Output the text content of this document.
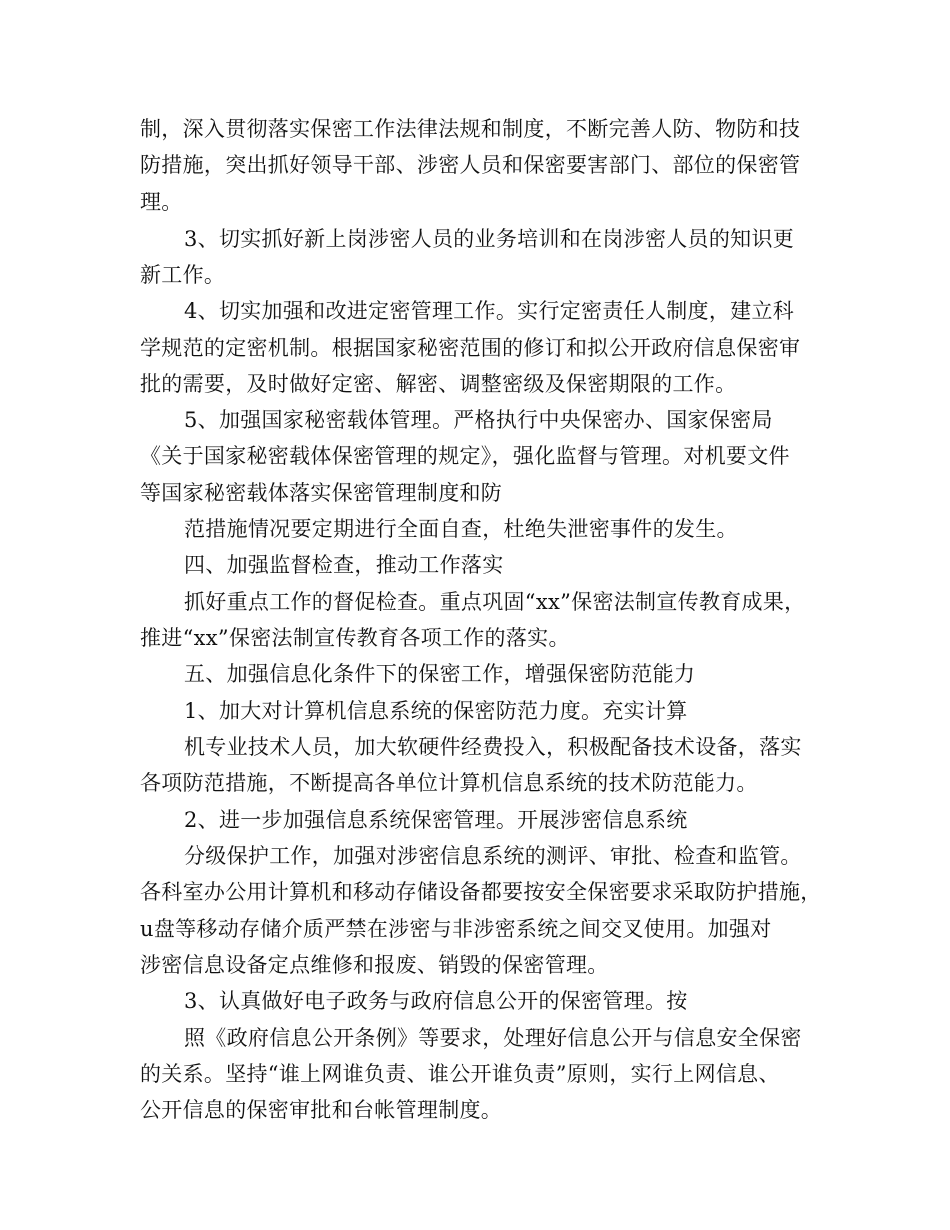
制，深入贯彻落实保密工作法律法规和制度，不断完善人防、物防和技
防措施，突出抓好领导干部、涉密人员和保密要害部门、部位的保密管
理。
3、切实抓好新上岗涉密人员的业务培训和在岗涉密人员的知识更
新工作。
4、切实加强和改进定密管理工作。实行定密责任人制度，建立科
学规范的定密机制。根据国家秘密范围的修订和拟公开政府信息保密审
批的需要，及时做好定密、解密、调整密级及保密期限的工作。
5、加强国家秘密载体管理。严格执行中央保密办、国家保密局
《关于国家秘密载体保密管理的规定》，强化监督与管理。对机要文件
等国家秘密载体落实保密管理制度和防
范措施情况要定期进行全面自查，杜绝失泄密事件的发生。
四、加强监督检查，推动工作落实
抓好重点工作的督促检查。重点巩固“xx”保密法制宣传教育成果，
推进“xx”保密法制宣传教育各项工作的落实。
五、加强信息化条件下的保密工作，增强保密防范能力
1、加大对计算机信息系统的保密防范力度。充实计算
机专业技术人员，加大软硬件经费投入，积极配备技术设备，落实
各项防范措施，不断提高各单位计算机信息系统的技术防范能力。
2、进一步加强信息系统保密管理。开展涉密信息系统
分级保护工作，加强对涉密信息系统的测评、审批、检查和监管。
各科室办公用计算机和移动存储设备都要按安全保密要求采取防护措施，
u盘等移动存储介质严禁在涉密与非涉密系统之间交叉使用。加强对
涉密信息设备定点维修和报废、销毁的保密管理。
3、认真做好电子政务与政府信息公开的保密管理。按
照《政府信息公开条例》等要求，处理好信息公开与信息安全保密
的关系。坚持“谁上网谁负责、谁公开谁负责”原则，实行上网信息、
公开信息的保密审批和台帐管理制度。
